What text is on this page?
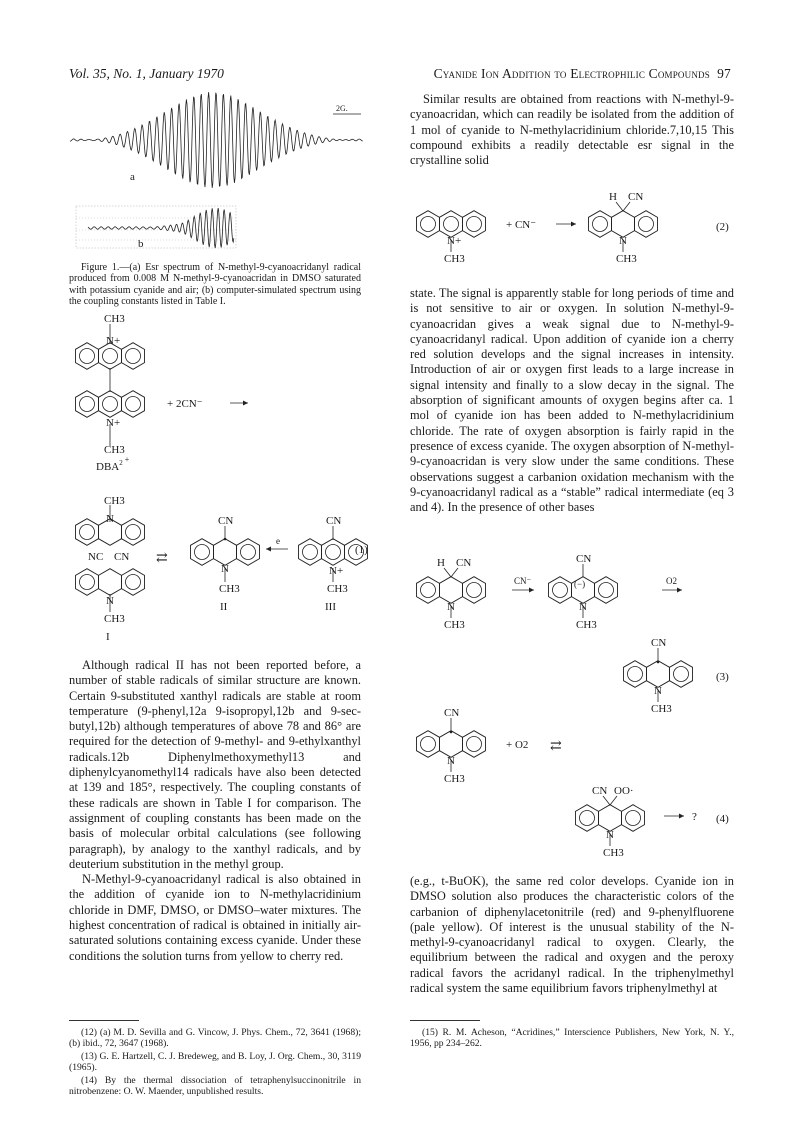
Vol. 35, No. 1, January 1970	Cyanide Ion Addition to Electrophilic Compounds 97
2G.
a
b

Figure 1.—(a) Esr spectrum of N-methyl-9-cyanoacridanyl radical produced from 0.008 M N-methyl-9-cyanoacridan in DMSO saturated with potassium cyanide and air; (b) computer-simulated spectrum using the coupling constants listed in Table I.

CH3
N+
N+
CH3
DBA$^2$ +
+ 2CN⁻
CH3
N
NC CN
N
CH3
I
⇄
CN
N
CH3
II
e
CN
N+
CH3
III
(1)

Although radical II has not been reported before, a number of stable radicals of similar structure are known. Certain 9-substituted xanthyl radicals are stable at room temperature (9-phenyl,12a 9-isopropyl,12b and 9-sec-butyl,12b) although temperatures of above 78 and 86° are required for the detection of 9-methyl- and 9-ethylxanthyl radicals.12b Diphenylmethoxymethyl13 and diphenylcyanomethyl14 radicals have also been detected at 139 and 185°, respectively. The coupling constants of these radicals are shown in Table I for comparison. The assignment of coupling constants has been made on the basis of molecular orbital calculations (see following paragraph), by analogy to the xanthyl radicals, and by deuterium substitution in the methyl group.

N-Methyl-9-cyanoacridanyl radical is also obtained in the addition of cyanide ion to N-methylacridinium chloride in DMF, DMSO, or DMSO–water mixtures. The highest concentration of radical is obtained in initially air-saturated solutions containing excess cyanide. Under these conditions the solution turns from yellow to cherry red.

(12) (a) M. D. Sevilla and G. Vincow, J. Phys. Chem., 72, 3641 (1968); (b) ibid., 72, 3647 (1968).

(13) G. E. Hartzell, C. J. Bredeweg, and B. Loy, J. Org. Chem., 30, 3119 (1965).

(14) By the thermal dissociation of tetraphenylsuccinonitrile in nitrobenzene: O. W. Maender, unpublished results.

Similar results are obtained from reactions with N-methyl-9-cyanoacridan, which can readily be isolated from the addition of 1 mol of cyanide to N-methylacridinium chloride.7,10,15 This compound exhibits a readily detectable esr signal in the crystalline solid

N+
CH3
+ CN⁻
H CN
N
CH3
(2)

state. The signal is apparently stable for long periods of time and is not sensitive to air or oxygen. In solution N-methyl-9-cyanoacridan gives a weak signal due to N-methyl-9-cyanoacridanyl radical. Upon addition of cyanide ion a cherry red solution develops and the signal increases in intensity. Introduction of air or oxygen first leads to a large increase in signal intensity and finally to a slow decay in the signal. The absorption of significant amounts of oxygen begins after ca. 1 mol of cyanide ion has been added to N-methylacridinium chloride. The rate of oxygen absorption is fairly rapid in the presence of excess cyanide. The oxygen absorption of N-methyl-9-cyanoacridan is very slow under the same conditions. These observations suggest a carbanion oxidation mechanism with the 9-cyanoacridanyl radical as a “stable” radical intermediate (eq 3 and 4). In the presence of other bases

H CN
N
CH3
CN⁻
CN
(−)
N
CH3
O2
CN
N
CH3
(3)
CN
N
CH3
+ O2 ⇄
CN OO·
N
CH3
? (4)

(e.g., t-BuOK), the same red color develops. Cyanide ion in DMSO solution also produces the characteristic colors of the carbanion of diphenylacetonitrile (red) and 9-phenylfluorene (pale yellow). Of interest is the unusual stability of the N-methyl-9-cyanoacridanyl radical to oxygen. Clearly, the equilibrium between the radical and oxygen and the peroxy radical favors the acridanyl radical. In the triphenylmethyl radical system the same equilibrium favors triphenylmethyl at

(15) R. M. Acheson, “Acridines,” Interscience Publishers, New York, N. Y., 1956, pp 234–262.
